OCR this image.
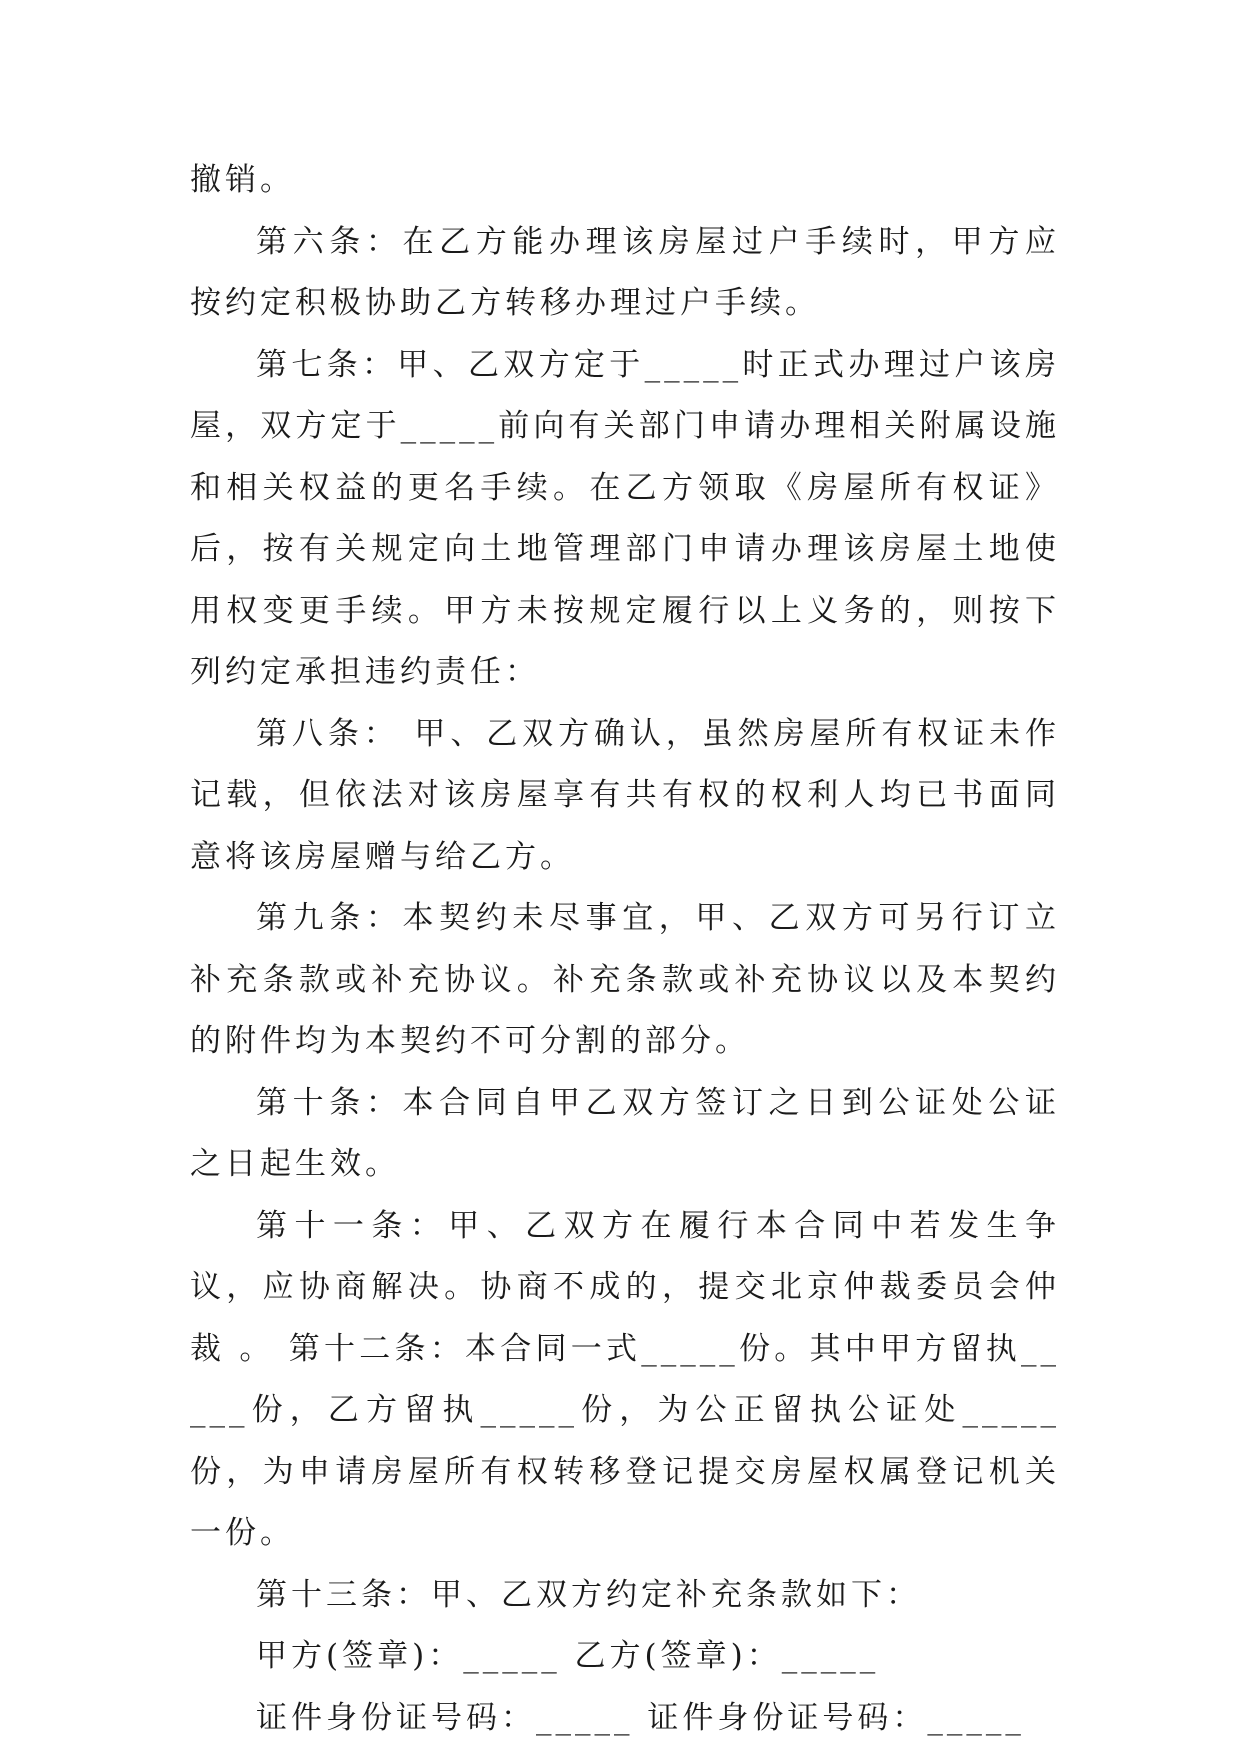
撤销。

第六条：在乙方能办理该房屋过户手续时，甲方应按约定积极协助乙方转移办理过户手续。

第七条：甲、乙双方定于_____时正式办理过户该房屋，双方定于_____前向有关部门申请办理相关附属设施和相关权益的更名手续。在乙方领取《房屋所有权证》后，按有关规定向土地管理部门申请办理该房屋土地使用权变更手续。甲方未按规定履行以上义务的，则按下列约定承担违约责任：

第八条： 甲、乙双方确认，虽然房屋所有权证未作记载，但依法对该房屋享有共有权的权利人均已书面同意将该房屋赠与给乙方。

第九条：本契约未尽事宜，甲、乙双方可另行订立补充条款或补充协议。补充条款或补充协议以及本契约的附件均为本契约不可分割的部分。

第十条：本合同自甲乙双方签订之日到公证处公证之日起生效。

第十一条：甲、乙双方在履行本合同中若发生争议，应协商解决。协商不成的，提交北京仲裁委员会仲裁 。 第十二条：本合同一式_____份。其中甲方留执_____份，乙方留执_____份，为公正留执公证处_____份，为申请房屋所有权转移登记提交房屋权属登记机关一份。

第十三条：甲、乙双方约定补充条款如下：

甲方(签章)：_____ 乙方(签章)：_____

证件身份证号码：_____ 证件身份证号码：_____
